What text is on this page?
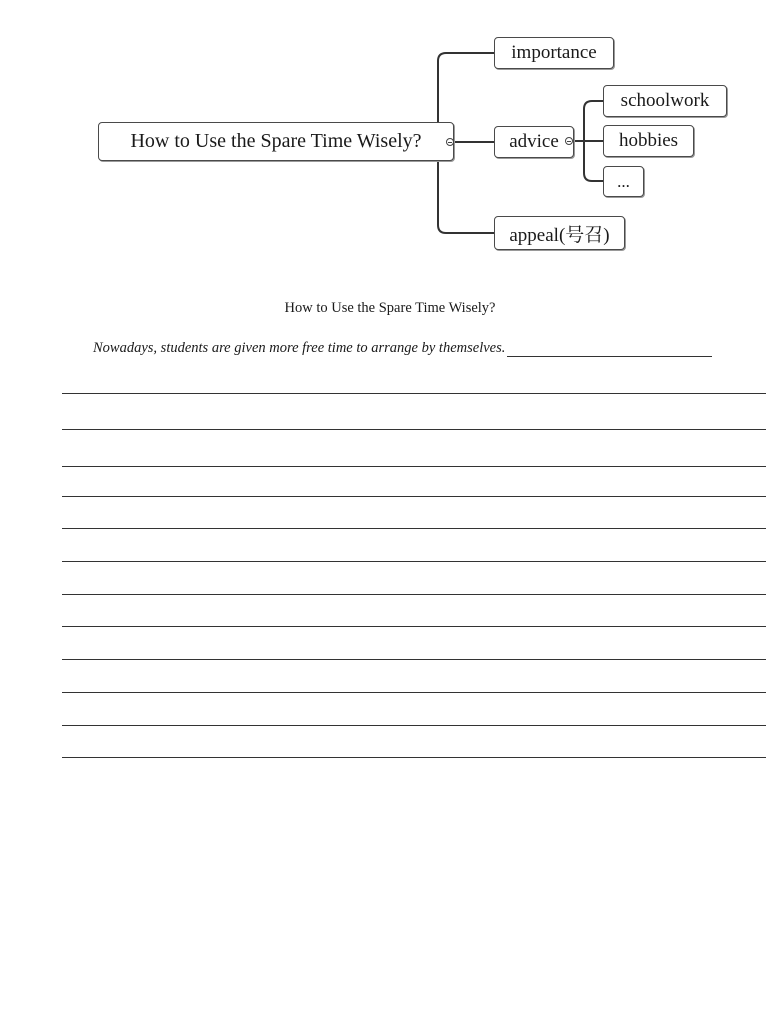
How to Use the Spare Time Wisely?
importance
advice
appeal(号召)
schoolwork
hobbies
...
How to Use the Spare Time Wisely?
Nowadays, students are given more free time to arrange by themselves.
